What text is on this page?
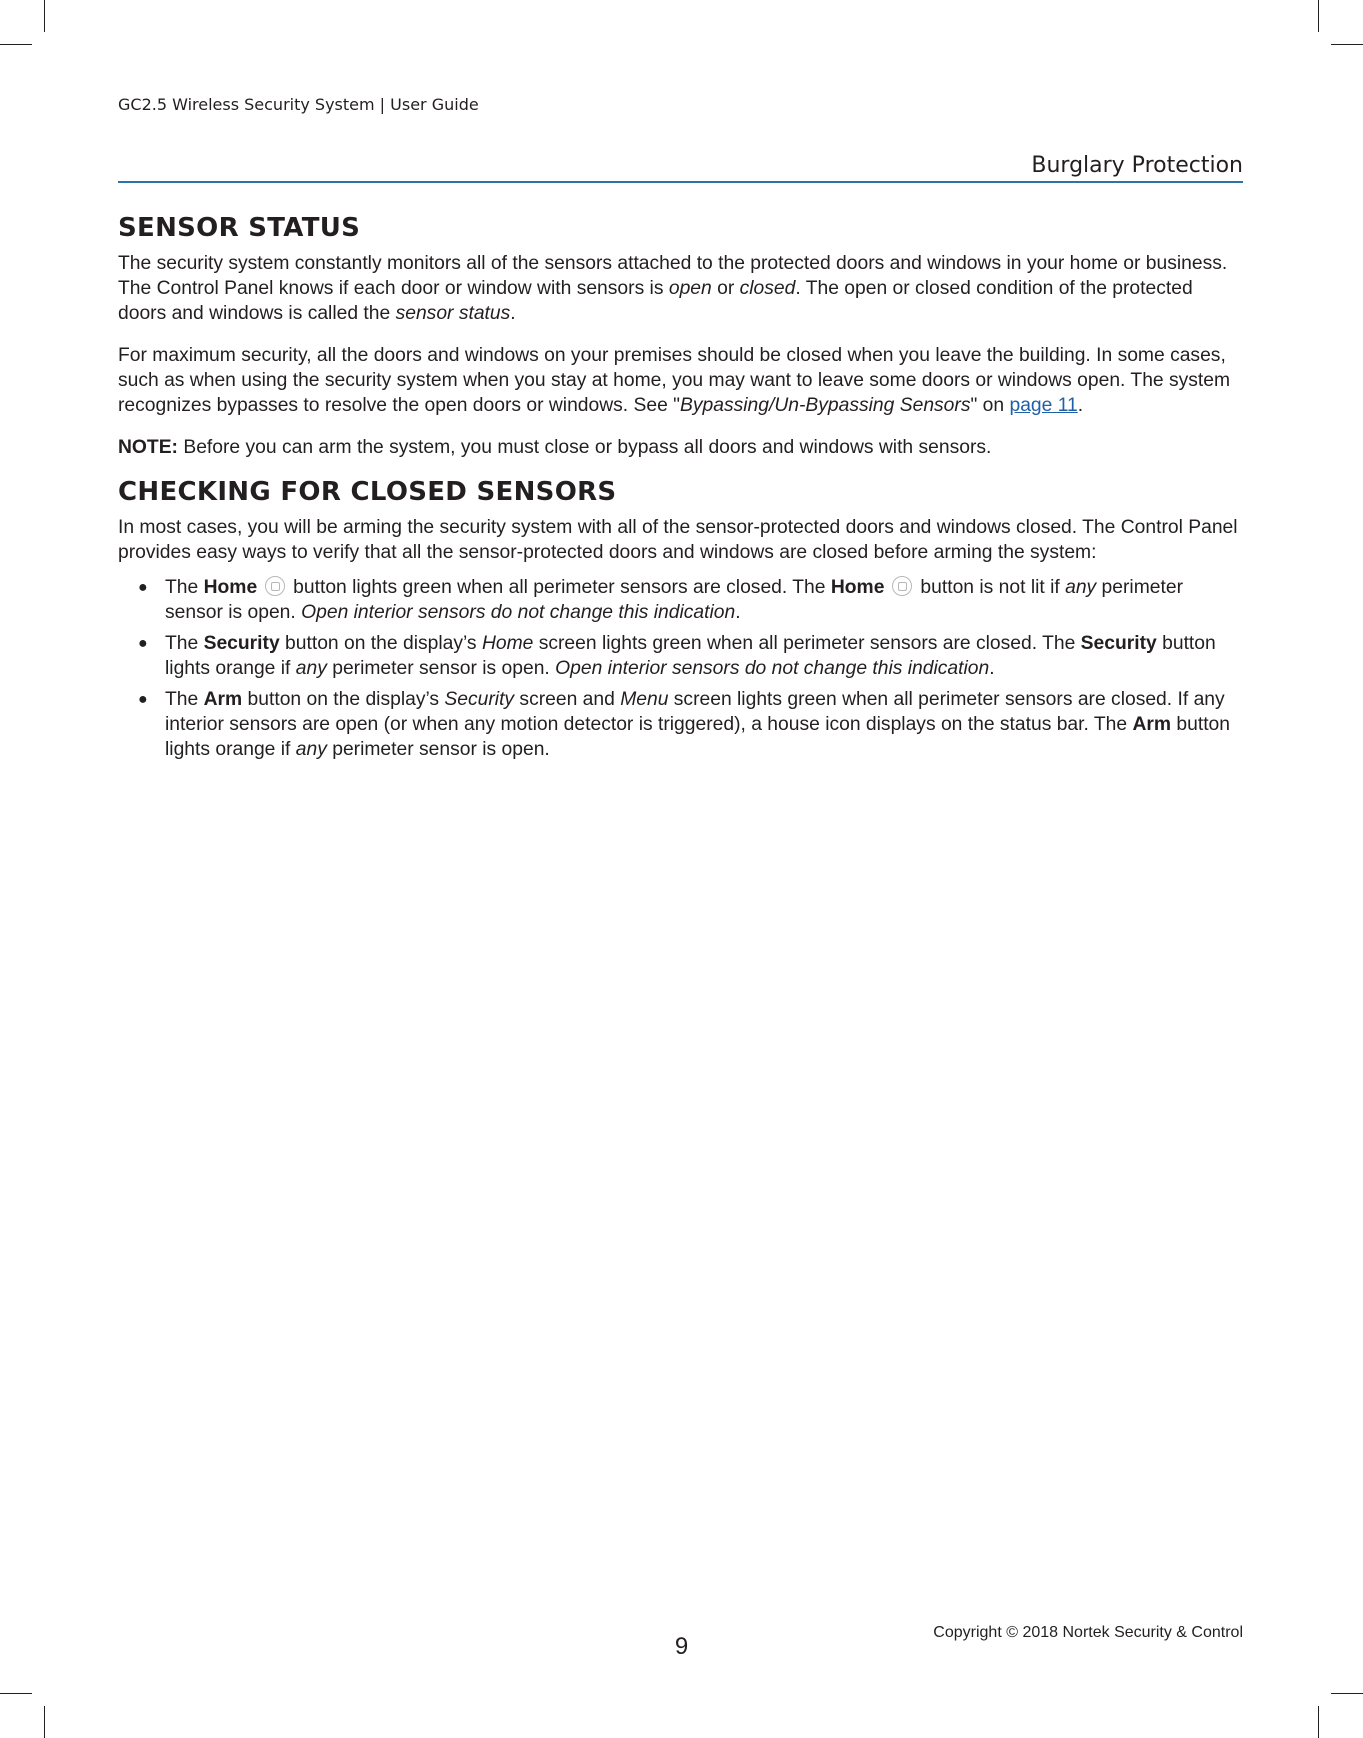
GC2.5 Wireless Security System | User Guide
Burglary Protection
SENSOR STATUS

The security system constantly monitors all of the sensors attached to the protected doors and windows in your home or business. The Control Panel knows if each door or window with sensors is open or closed. The open or closed condition of the protected doors and windows is called the sensor status.

For maximum security, all the doors and windows on your premises should be closed when you leave the building. In some cases, such as when using the security system when you stay at home, you may want to leave some doors or windows open. The system recognizes bypasses to resolve the open doors or windows. See "Bypassing/Un-Bypassing Sensors" on page 11.

NOTE: Before you can arm the system, you must close or bypass all doors and windows with sensors.

CHECKING FOR CLOSED SENSORS

In most cases, you will be arming the security system with all of the sensor-protected doors and windows closed. The Control Panel provides easy ways to verify that all the sensor-protected doors and windows are closed before arming the system:

● The Home button lights green when all perimeter sensors are closed. The Home button is not lit if any perimeter sensor is open. Open interior sensors do not change this indication.
● The Security button on the display’s Home screen lights green when all perimeter sensors are closed. The Security button lights orange if any perimeter sensor is open. Open interior sensors do not change this indication.
● The Arm button on the display’s Security screen and Menu screen lights green when all perimeter sensors are closed. If any interior sensors are open (or when any motion detector is triggered), a house icon displays on the status bar. The Arm button lights orange if any perimeter sensor is open.
Copyright © 2018 Nortek Security & Control
9
